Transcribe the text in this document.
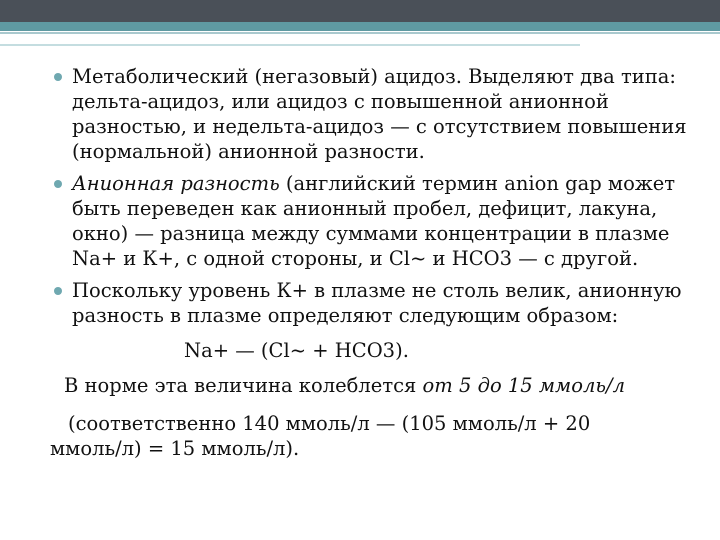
Метаболический (негазовый) ацидоз. Выделяют два типа: дельта-ацидоз, или ацидоз с повышенной анионной разностью, и недельта-ацидоз — с отсутствием повышения (нормальной) анионной разности.
Анионная разность (английский термин anion gap может быть переведен как анионный пробел, дефицит, лакуна, окно) — разница между суммами концентрации в плазме Na+ и К+, с одной стороны, и Cl~ и НСО3 — с другой.
Поскольку уровень К+ в плазме не столь велик, анионную разность в плазме определяют следующим образом:
Na+ — (Cl~ + НСО3).
В норме эта величина колеблется от 5 до 15 ммоль/л
(соответственно 140 ммоль/л — (105 ммоль/л + 20
ммоль/л) = 15 ммоль/л).
